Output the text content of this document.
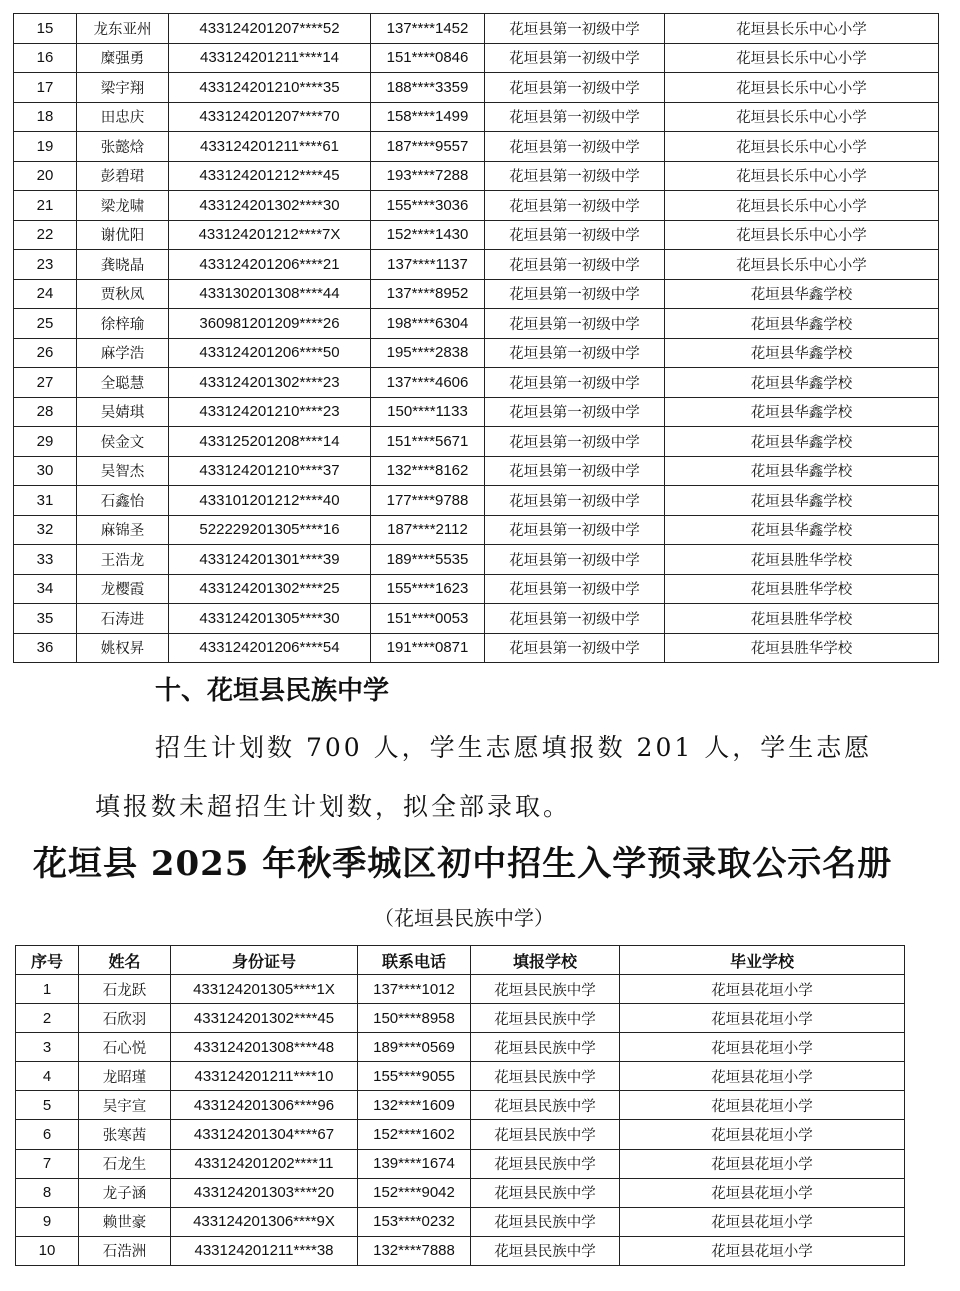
15	龙东亚州	433124201207****52	137****1452	花垣县第一初级中学	花垣县长乐中心小学
16	糜强勇	433124201211****14	151****0846	花垣县第一初级中学	花垣县长乐中心小学
17	梁宇翔	433124201210****35	188****3359	花垣县第一初级中学	花垣县长乐中心小学
18	田忠庆	433124201207****70	158****1499	花垣县第一初级中学	花垣县长乐中心小学
19	张懿焓	433124201211****61	187****9557	花垣县第一初级中学	花垣县长乐中心小学
20	彭碧珺	433124201212****45	193****7288	花垣县第一初级中学	花垣县长乐中心小学
21	梁龙啸	433124201302****30	155****3036	花垣县第一初级中学	花垣县长乐中心小学
22	谢优阳	433124201212****7X	152****1430	花垣县第一初级中学	花垣县长乐中心小学
23	龚晓晶	433124201206****21	137****1137	花垣县第一初级中学	花垣县长乐中心小学
24	贾秋凤	433130201308****44	137****8952	花垣县第一初级中学	花垣县华鑫学校
25	徐梓瑜	360981201209****26	198****6304	花垣县第一初级中学	花垣县华鑫学校
26	麻学浩	433124201206****50	195****2838	花垣县第一初级中学	花垣县华鑫学校
27	全聪慧	433124201302****23	137****4606	花垣县第一初级中学	花垣县华鑫学校
28	吴婧琪	433124201210****23	150****1133	花垣县第一初级中学	花垣县华鑫学校
29	侯金文	433125201208****14	151****5671	花垣县第一初级中学	花垣县华鑫学校
30	吴智杰	433124201210****37	132****8162	花垣县第一初级中学	花垣县华鑫学校
31	石鑫怡	433101201212****40	177****9788	花垣县第一初级中学	花垣县华鑫学校
32	麻锦圣	522229201305****16	187****2112	花垣县第一初级中学	花垣县华鑫学校
33	王浩龙	433124201301****39	189****5535	花垣县第一初级中学	花垣县胜华学校
34	龙樱霞	433124201302****25	155****1623	花垣县第一初级中学	花垣县胜华学校
35	石涛进	433124201305****30	151****0053	花垣县第一初级中学	花垣县胜华学校
36	姚权昇	433124201206****54	191****0871	花垣县第一初级中学	花垣县胜华学校
十、花垣县民族中学

招生计划数 700 人，学生志愿填报数 201 人，学生志愿

填报数未超招生计划数，拟全部录取。

花垣县 2025 年秋季城区初中招生入学预录取公示名册

（花垣县民族中学）

序号	姓名	身份证号	联系电话	填报学校	毕业学校
1	石龙跃	433124201305****1X	137****1012	花垣县民族中学	花垣县花垣小学
2	石欣羽	433124201302****45	150****8958	花垣县民族中学	花垣县花垣小学
3	石心悦	433124201308****48	189****0569	花垣县民族中学	花垣县花垣小学
4	龙昭瑾	433124201211****10	155****9055	花垣县民族中学	花垣县花垣小学
5	吴宇宣	433124201306****96	132****1609	花垣县民族中学	花垣县花垣小学
6	张寒茜	433124201304****67	152****1602	花垣县民族中学	花垣县花垣小学
7	石龙生	433124201202****11	139****1674	花垣县民族中学	花垣县花垣小学
8	龙子涵	433124201303****20	152****9042	花垣县民族中学	花垣县花垣小学
9	赖世豪	433124201306****9X	153****0232	花垣县民族中学	花垣县花垣小学
10	石浩洲	433124201211****38	132****7888	花垣县民族中学	花垣县花垣小学
